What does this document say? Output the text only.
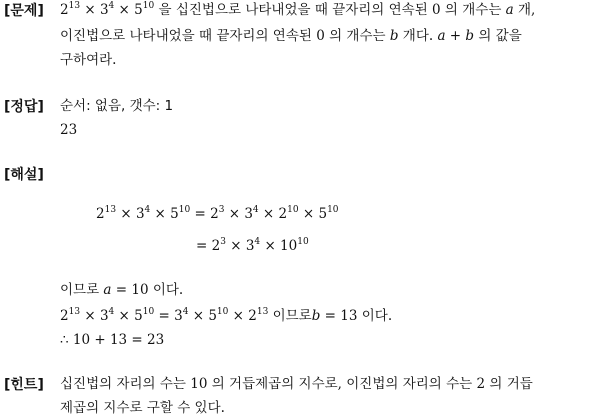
[문제] $2^{13} \times 3^4 \times 5^{10}$ 을 십진법으로 나타내었을 때 끝자리의 연속된 0 의 개수는 a 개,
이진법으로 나타내었을 때 끝자리의 연속된 0 의 개수는 b 개다. a + b 의 값을
구하여라.
[정답] 순서: 없음, 갯수: 1
23
[해설]
$2^{13} \times 3^4 \times 5^{10} = 2^3 \times 3^4 \times 2^{10} \times 5^{10}$
= $2^3 \times 3^4 \times 10^{10}$
이므로 a = 10 이다.
$2^{13} \times 3^4 \times 5^{10} = 3^4 \times 5^{10} \times 2^{13}$ 이므로b = 13 이다.
∴ 10 + 13 = 23
[힌트] 십진법의 자리의 수는 10 의 거듭제곱의 지수로, 이진법의 자리의 수는 2 의 거듭
제곱의 지수로 구할 수 있다.
